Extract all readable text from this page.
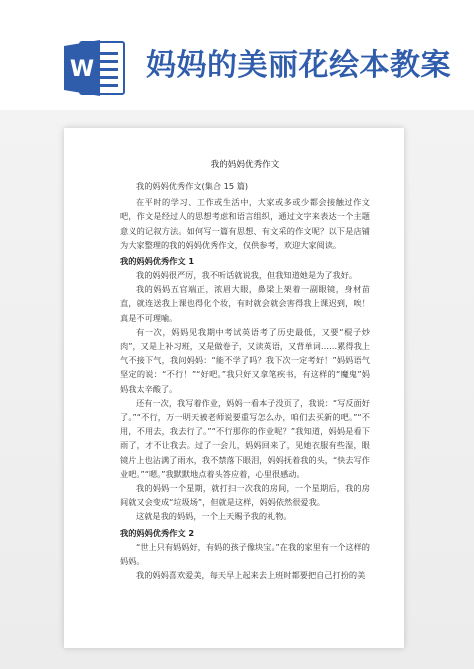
W 妈妈的美丽花绘本教案
我的妈妈优秀作文

我的妈妈优秀作文(集合 15 篇)

在平时的学习、工作或生活中，大家或多或少都会接触过作文吧，作文是经过人的思想考虑和语言组织，通过文字来表达一个主题意义的记叙方法。如何写一篇有思想、有文采的作文呢？以下是店铺为大家整理的我的妈妈优秀作文，仅供参考，欢迎大家阅读。

我的妈妈优秀作文 1

我的妈妈很严厉，我不听话就说我，但我知道她是为了我好。

我的妈妈五官端正，浓眉大眼，鼻梁上架着一副眼镜，身材苗直，就连送我上课也得化个妆，有时就会就会害得我上课迟到，唉！真是不可理喻。

有一次，妈妈见我期中考试英语考了历史最低，又要“棍子炒肉”，又是上补习班，又是做卷子，又读英语，又背单词……累得我上气不接下气，我问妈妈：“能不学了吗？我下次一定考好！”妈妈语气坚定的说：“不行！”“好吧。”我只好又拿笔疾书，有这样的“魔鬼”妈妈我太辛酸了。

还有一次，我写着作业，妈妈一看本子没页了，我说：“写反面好了。”“不行，万一明天被老师说要重写怎么办，咱们去买新的吧。”“不用，不用去，我去行了。”“不行那你的作业呢？”我知道，妈妈是看下雨了，才不让我去。过了一会儿，妈妈回来了，见她衣服有些湿，眼镜片上也沾满了雨水，我不禁落下眼泪，妈妈抚着我的头，“快去写作业吧。”“嗯。”我默默地点着头答应着，心里很感动。

我的妈妈一个星期，就打扫一次我的房间，一个星期后，我的房间就又会变成“垃圾场”，但就是这样，妈妈依然很爱我。

这就是我的妈妈，一个上天赐予我的礼物。

我的妈妈优秀作文 2

“世上只有妈妈好，有妈的孩子像块宝。”在我的家里有一个这样的妈妈。

我的妈妈喜欢爱美，每天早上起来去上班时都要把自己打扮的美
